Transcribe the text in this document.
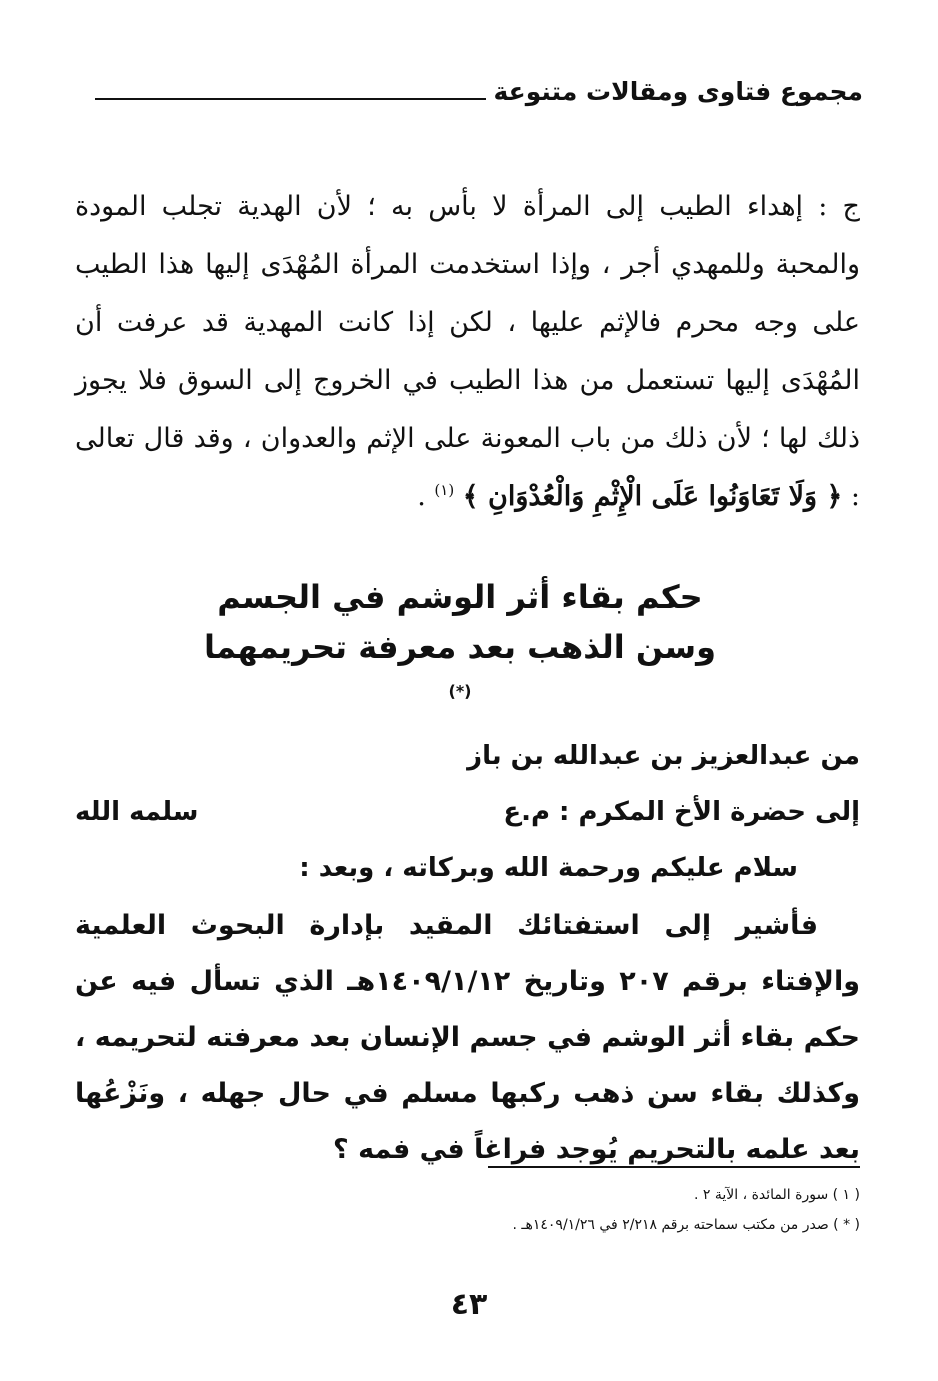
مجموع فتاوى ومقالات متنوعة

ج : إهداء الطيب إلى المرأة لا بأس به ؛ لأن الهدية تجلب المودة والمحبة وللمهدي أجر ، وإذا استخدمت المرأة المُهْدَى إليها هذا الطيب على وجه محرم فالإثم عليها ، لكن إذا كانت المهدية قد عرفت أن المُهْدَى إليها تستعمل من هذا الطيب في الخروج إلى السوق فلا يجوز ذلك لها ؛ لأن ذلك من باب المعونة على الإثم والعدوان ، وقد قال تعالى : ﴿ وَلَا تَعَاوَنُوا عَلَى الْإِثْمِ وَالْعُدْوَانِ ﴾ $^{(١)}$ .

حكم بقاء أثر الوشم في الجسم
وسن الذهب بعد معرفة تحريمهما (*)
من عبدالعزيز بن عبدالله بن باز
إلى حضرة الأخ المكرم : م.ع
سلمه الله
سلام عليكم ورحمة الله وبركاته ، وبعد :

فأشير إلى استفتائك المقيد بإدارة البحوث العلمية والإفتاء برقم ٢٠٧ وتاريخ ١٤٠٩/١/١٢هـ الذي تسأل فيه عن حكم بقاء أثر الوشم في جسم الإنسان بعد معرفته لتحريمه ، وكذلك بقاء سن ذهب ركبها مسلم في حال جهله ، ونَزْعُها بعد علمه بالتحريم يُوجد فراغاً في فمه ؟

( ١ ) سورة المائدة ، الآية ٢ .
( * ) صدر من مكتب سماحته برقم ٢/٢١٨ في ١٤٠٩/١/٢٦هـ .
٤٣
